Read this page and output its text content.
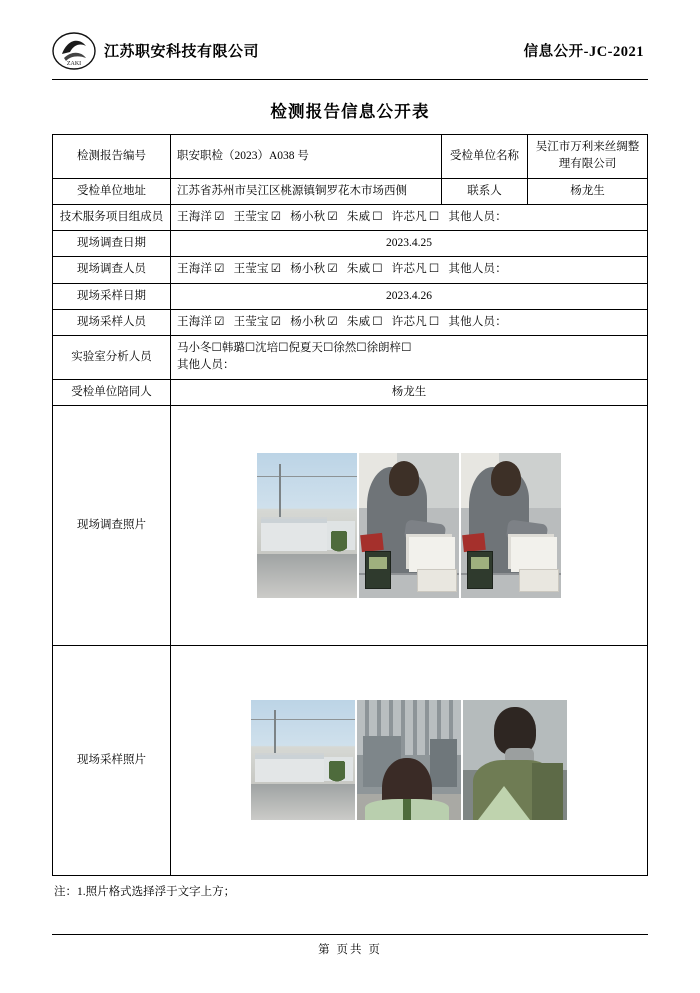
ZAKI
江苏职安科技有限公司	信息公开-JC-2021
检测报告信息公开表
检测报告编号	职安职检（2023）A038 号	受检单位名称	吴江市万利来丝绸整理有限公司
受检单位地址	江苏省苏州市吴江区桃源镇铜罗花木市场西侧	联系人	杨龙生
技术服务项目组成员	王海洋 ☑ 王莹宝 ☑ 杨小秋 ☑ 朱威 ☐ 许芯凡 ☐ 其他人员：		
现场调查日期	2023.4.25		
现场调查人员	王海洋 ☑ 王莹宝 ☑ 杨小秋 ☑ 朱威 ☐ 许芯凡 ☐ 其他人员：		
现场采样日期	2023.4.26		
现场采样人员	王海洋 ☑ 王莹宝 ☑ 杨小秋 ☑ 朱威 ☐ 许芯凡 ☐ 其他人员：		
实验室分析人员	马小冬☐韩璐☐沈培☐倪夏天☐徐然☐徐朗梓☐
其他人员：		

受检单位陪同人	杨龙生		
现场调查照片			

现场采样照片			
注：1.照片格式选择浮于文字上方；
第 页共 页
